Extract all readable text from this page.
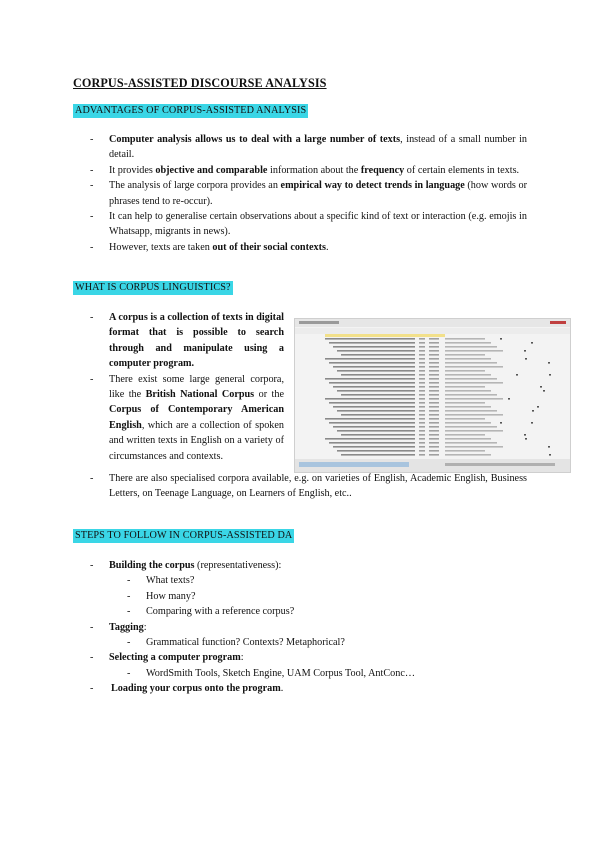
CORPUS-ASSISTED DISCOURSE ANALYSIS
ADVANTAGES OF CORPUS-ASSISTED ANALYSIS
- Computer analysis allows us to deal with a large number of texts, instead of a small number in detail.
- It provides objective and comparable information about the frequency of certain elements in texts.
- The analysis of large corpora provides an empirical way to detect trends in language (how words or phrases tend to re-occur).
- It can help to generalise certain observations about a specific kind of text or interaction (e.g. emojis in Whatsapp, migrants in news).
- However, texts are taken out of their social contexts.
WHAT IS CORPUS LINGUISTICS?
- A corpus is a collection of texts in digital format that is possible to search through and manipulate using a computer program.
- There exist some large general corpora, like the British National Corpus or the Corpus of Contemporary American English, which are a collection of spoken and written texts in English on a variety of circumstances and contexts.
- There are also specialised corpora available, e.g. on varieties of English, Academic English, Business Letters, on Teenage Language, on Learners of English, etc..
STEPS TO FOLLOW IN CORPUS-ASSISTED DA
- Building the corpus (representativeness):
- What texts?
- How many?
- Comparing with a reference corpus?
- Tagging:
- Grammatical function? Contexts? Metaphorical?
- Selecting a computer program:
- WordSmith Tools, Sketch Engine, UAM Corpus Tool, AntConc…
- Loading your corpus onto the program.
